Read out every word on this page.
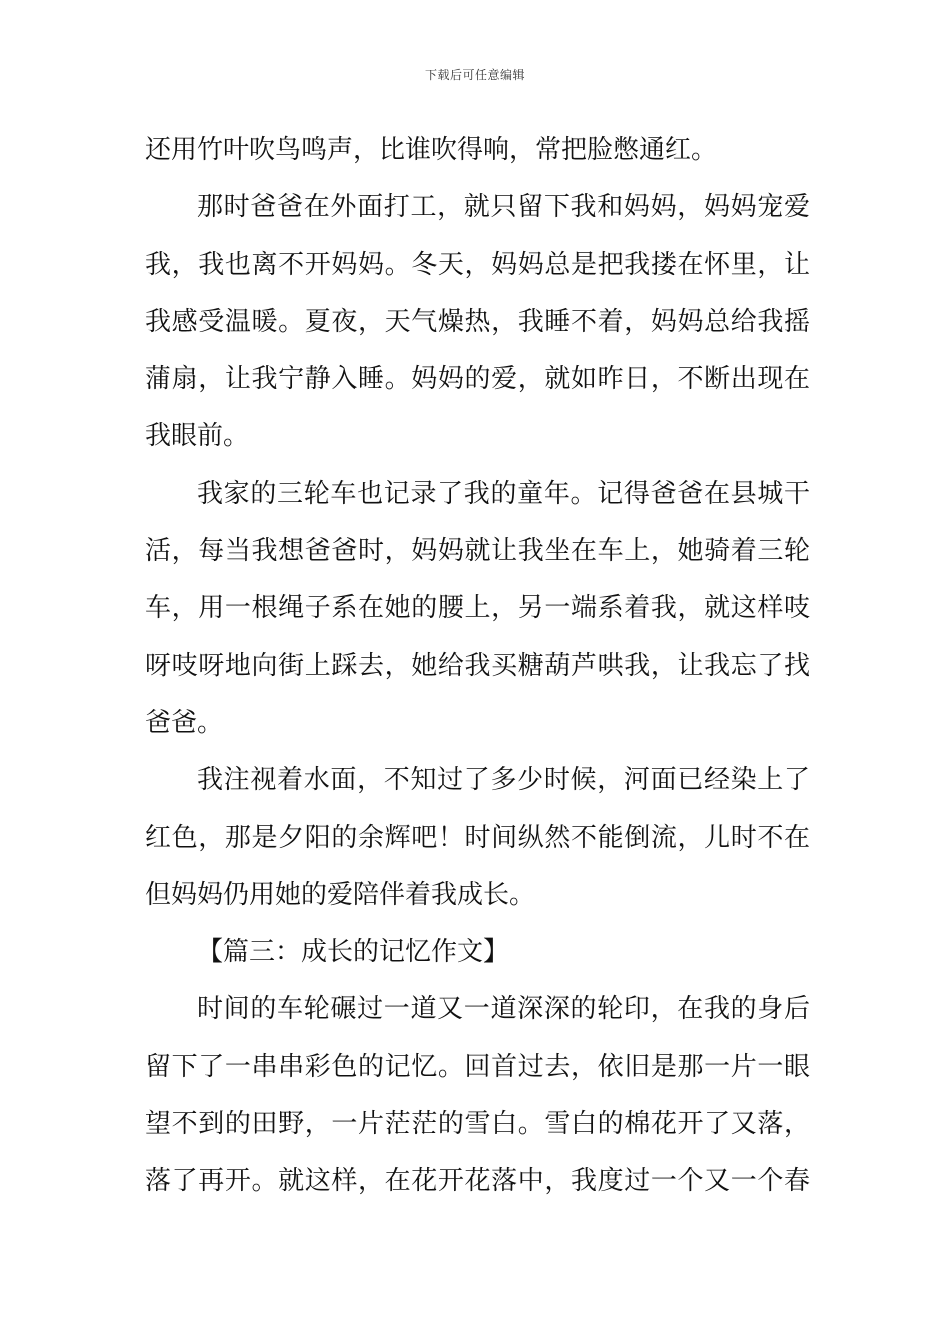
下载后可任意编辑
还用竹叶吹鸟鸣声，比谁吹得响，常把脸憋通红。
那时爸爸在外面打工，就只留下我和妈妈，妈妈宠爱
我，我也离不开妈妈。冬天，妈妈总是把我搂在怀里，让
我感受温暖。夏夜，天气燥热，我睡不着，妈妈总给我摇
蒲扇，让我宁静入睡。妈妈的爱，就如昨日，不断出现在
我眼前。
我家的三轮车也记录了我的童年。记得爸爸在县城干
活，每当我想爸爸时，妈妈就让我坐在车上，她骑着三轮
车，用一根绳子系在她的腰上，另一端系着我，就这样吱
呀吱呀地向街上踩去，她给我买糖葫芦哄我，让我忘了找
爸爸。
我注视着水面，不知过了多少时候，河面已经染上了
红色，那是夕阳的余辉吧！时间纵然不能倒流，儿时不在
但妈妈仍用她的爱陪伴着我成长。
【篇三：成长的记忆作文】
时间的车轮碾过一道又一道深深的轮印，在我的身后
留下了一串串彩色的记忆。回首过去，依旧是那一片一眼
望不到的田野，一片茫茫的雪白。雪白的棉花开了又落，
落了再开。就这样，在花开花落中，我度过一个又一个春
